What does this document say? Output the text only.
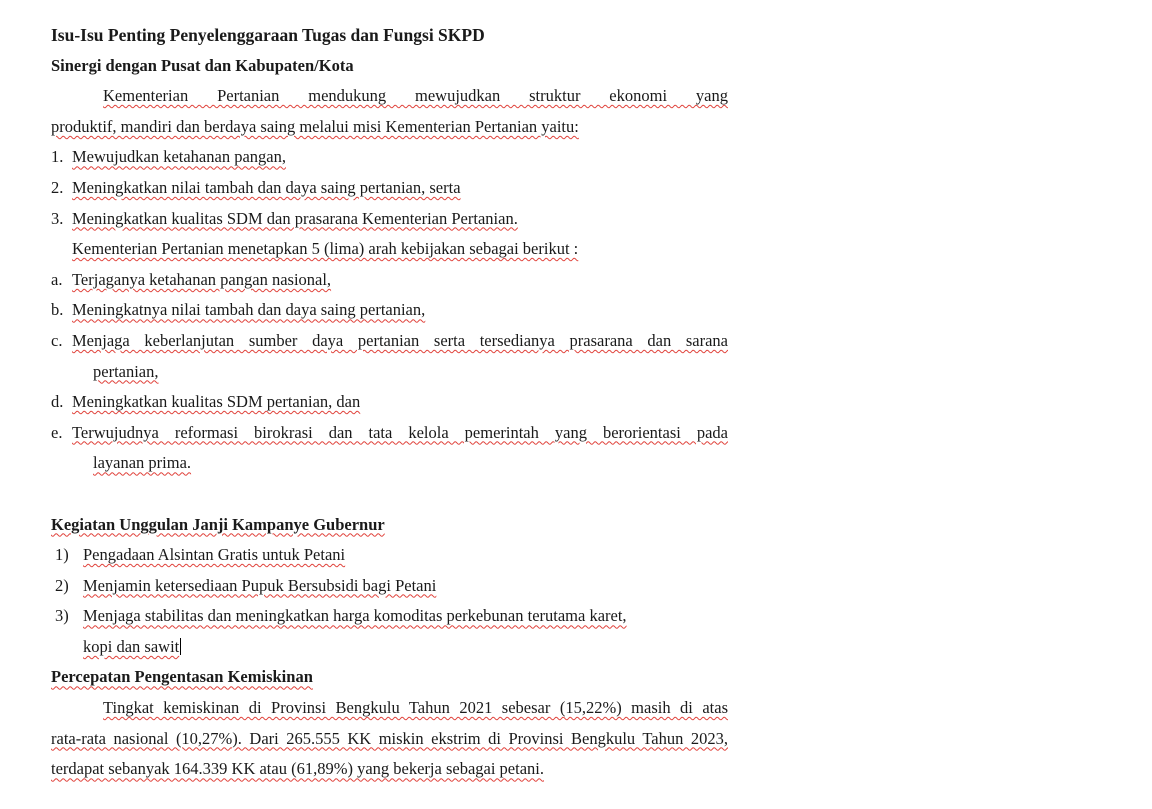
Isu-Isu Penting Penyelenggaraan Tugas dan Fungsi SKPD
Sinergi dengan Pusat dan Kabupaten/Kota
Kementerian Pertanian mendukung mewujudkan struktur ekonomi yang
produktif, mandiri dan berdaya saing melalui misi Kementerian Pertanian yaitu:
1. Mewujudkan ketahanan pangan,
2. Meningkatkan nilai tambah dan daya saing pertanian, serta
3. Meningkatkan kualitas SDM dan prasarana Kementerian Pertanian.
Kementerian Pertanian menetapkan 5 (lima) arah kebijakan sebagai berikut :
a. Terjaganya ketahanan pangan nasional,
b. Meningkatnya nilai tambah dan daya saing pertanian,
c. Menjaga keberlanjutan sumber daya pertanian serta tersedianya prasarana dan sarana
pertanian,
d. Meningkatkan kualitas SDM pertanian, dan
e. Terwujudnya reformasi birokrasi dan tata kelola pemerintah yang berorientasi pada
layanan prima.
Kegiatan Unggulan Janji Kampanye Gubernur
1) Pengadaan Alsintan Gratis untuk Petani
2) Menjamin ketersediaan Pupuk Bersubsidi bagi Petani
3) Menjaga stabilitas dan meningkatkan harga komoditas perkebunan terutama karet,
kopi dan sawit
Percepatan Pengentasan Kemiskinan
Tingkat kemiskinan di Provinsi Bengkulu Tahun 2021 sebesar (15,22%) masih di atas
rata-rata nasional (10,27%). Dari 265.555 KK miskin ekstrim di Provinsi Bengkulu Tahun 2023,
terdapat sebanyak 164.339 KK atau (61,89%) yang bekerja sebagai petani.
